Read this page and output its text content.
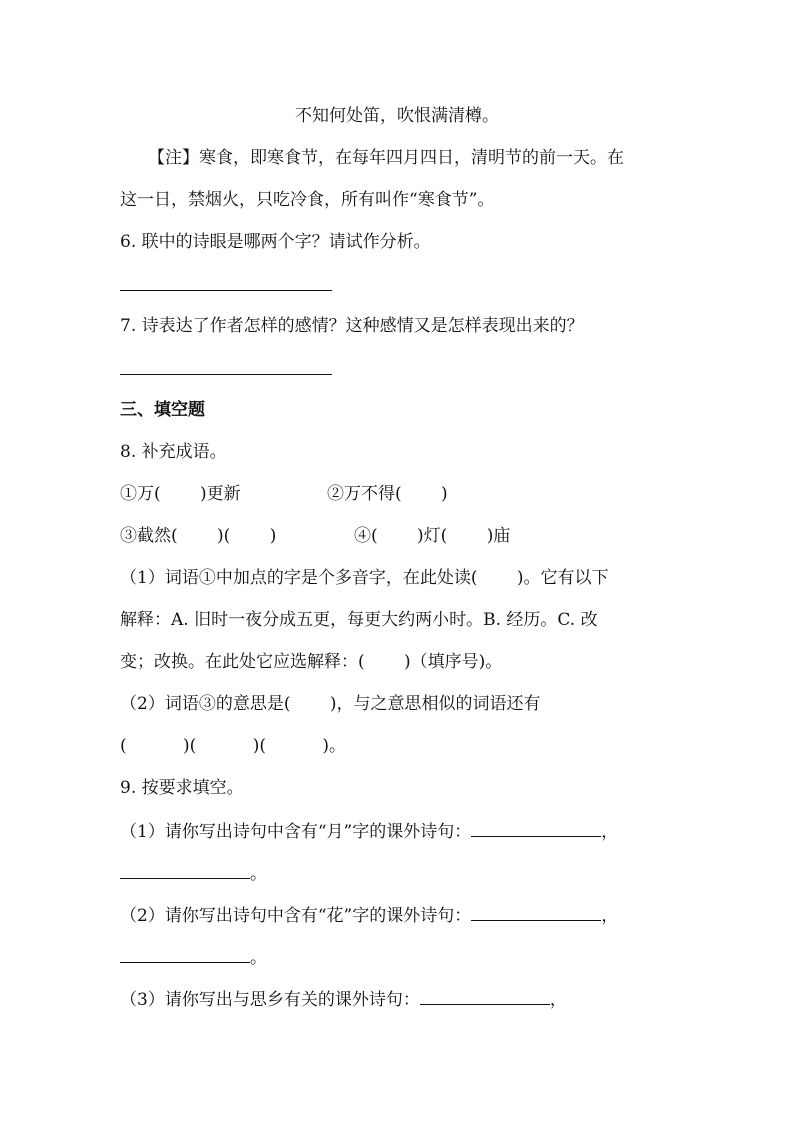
不知何处笛，吹恨满清樽。
【注】寒食，即寒食节，在每年四月四日，清明节的前一天。在
这一日，禁烟火，只吃冷食，所有叫作“寒食节”。
6. 联中的诗眼是哪两个字？请试作分析。
7. 诗表达了作者怎样的感情？这种感情又是怎样表现出来的？
三、填空题
8. 补充成语。
①万(　　 )更新	②万不得(　　 )
③截然(　　 )(　　 )	④(　　 )灯(　　 )庙
（1）词语①中加点的字是个多音字，在此处读(　　 )。它有以下
解释：A. 旧时一夜分成五更，每更大约两小时。B. 经历。C. 改
变；改换。在此处它应选解释：(　　 )（填序号)。
（2）词语③的意思是(　　 )，与之意思相似的词语还有
(　　　 )(　　　 )(　　　 )。
9. 按要求填空。
（1）请你写出诗句中含有“月”字的课外诗句：	，
。
（2）请你写出诗句中含有“花”字的课外诗句：	，
。
（3）请你写出与思乡有关的课外诗句：	，
